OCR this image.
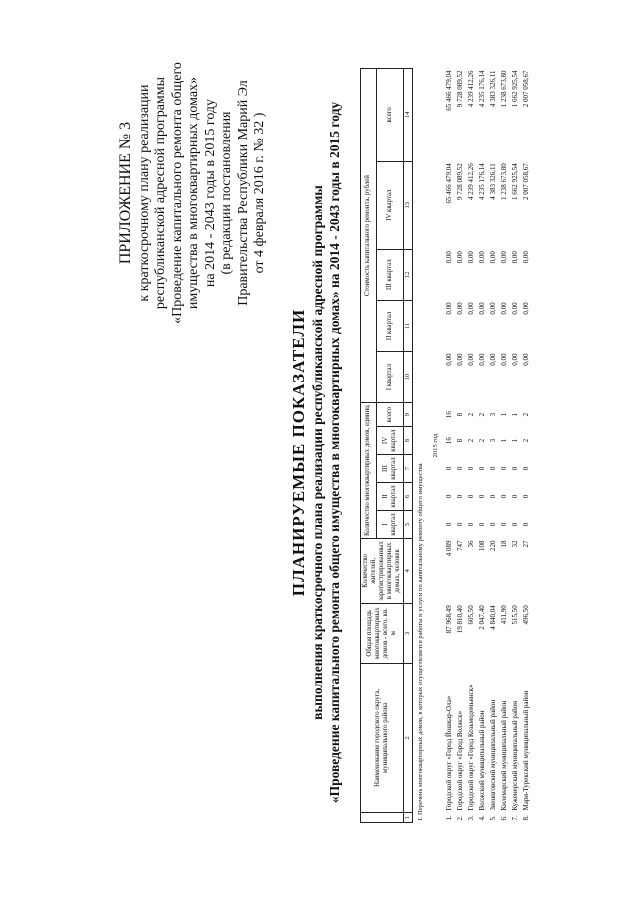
ПРИЛОЖЕНИЕ № 3 к краткосрочному плану реализации республиканской адресной программы «Проведение капитального ремонта общего имущества в многоквартирных домах» на 2014 - 2043 годы в 2015 году (в редакции постановления Правительства Республики Марий Эл от 4 февраля 2016 г. № 32 )
ПЛАНИРУЕМЫЕ ПОКАЗАТЕЛИ выполнения краткосрочного плана реализации республиканской адресной программы «Проведение капитального ремонта общего имущества в многоквартирных домах» на 2014 - 2043 годы в 2015 году
		Наименование городского округа, муниципального района	Общая площадь многоквартирных домов - всего, кв. м	Количество жителей, зарегистрированных в многоквартирных домах, человек	Количество многоквартирных домов, единиц					Стоимость капитального ремонта, рублей				
				I квартал	II квартал	III квартал	IV квартал	всего	I квартал	II квартал	III квартал	IV квартал	всего
1	2	3	4	5	6	7	8	9	10	11	12	13	14
I. Перечень многоквартирных домов, в которых осуществляется работы и услуги по капитальному ремонту общего имущества													
2015 год													
1.	Городской округ «Город Йошкар-Ола»	87 968,49	4 089	0	0	0	16	16	0,00	0,00	0,00	65 466 479,04	65 466 479,04
2.	Городской округ «Город Волжск»	19 810,40	747	0	0	0	8	8	0,00	0,00	0,00	9 728 089,52	9 728 089,52
3.	Городской округ «Город Козьмодемьянск»	605,50	36	0	0	0	2	2	0,00	0,00	0,00	4 239 412,26	4 239 412,26
4.	Волжский муниципальный район	2 047,40	108	0	0	0	2	2	0,00	0,00	0,00	4 235 176,14	4 235 176,14
5.	Звениговский муниципальный район	4 840,04	220	0	0	0	3	3	0,00	0,00	0,00	4 383 326,11	4 383 326,11
6.	Килемарский муниципальный район	411,90	18	0	0	0	1	1	0,00	0,00	0,00	1 238 673,80	1 238 673,80
7.	Куженерский муниципальный район	515,50	32	0	0	0	1	1	0,00	0,00	0,00	1 662 925,54	1 662 925,54
8.	Мари-Турекский муниципальный район	496,50	27	0	0	0	2	2	0,00	0,00	0,00	2 007 058,67	2 007 058,67
